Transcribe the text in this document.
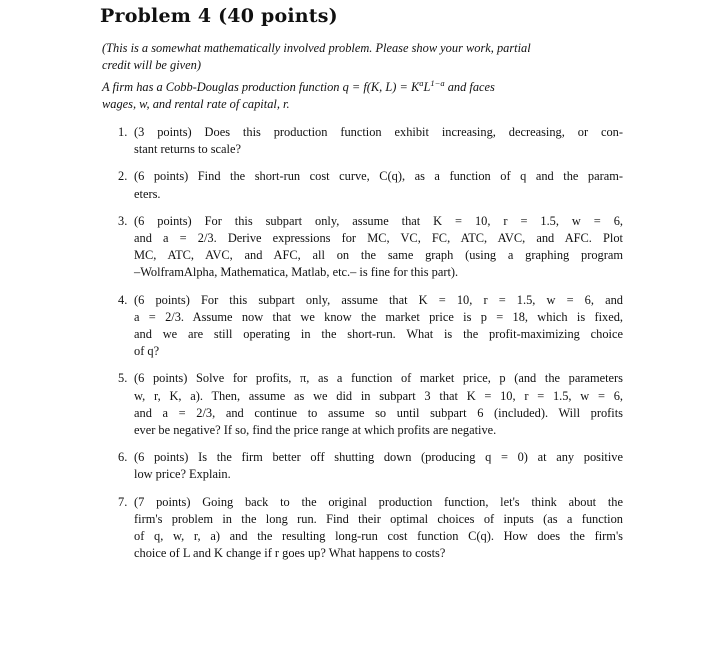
Problem 4 (40 points)
(This is a somewhat mathematically involved problem. Please show your work, partial
credit will be given)
A firm has a Cobb-Douglas production function q = f(K, $L) = K^aL^{1-a}$ and faces
wages, w, and rental rate of capital, r.
1. (3 points) Does this production function exhibit increasing, decreasing, or con-
stant returns to scale?
2. (6 points) Find the short-run cost curve, C(q), as a function of q and the param-
eters.
3. (6 points) For this subpart only, assume that K = 10, r = 1.5, w = 6,
and a = 2/3. Derive expressions for MC, VC, FC, ATC, AVC, and AFC. Plot
MC, ATC, AVC, and AFC, all on the same graph (using a graphing program
–WolframAlpha, Mathematica, Matlab, etc.– is fine for this part).
4. (6 points) For this subpart only, assume that K = 10, r = 1.5, w = 6, and
a = 2/3. Assume now that we know the market price is p = 18, which is fixed,
and we are still operating in the short-run. What is the profit-maximizing choice
of q?
5. (6 points) Solve for profits, π, as a function of market price, p (and the parameters
w, r, K, a). Then, assume as we did in subpart 3 that K = 10, r = 1.5, w = 6,
and a = 2/3, and continue to assume so until subpart 6 (included). Will profits
ever be negative? If so, find the price range at which profits are negative.
6. (6 points) Is the firm better off shutting down (producing q = 0) at any positive
low price? Explain.
7. (7 points) Going back to the original production function, let's think about the
firm's problem in the long run. Find their optimal choices of inputs (as a function
of q, w, r, a) and the resulting long-run cost function C(q). How does the firm's
choice of L and K change if r goes up? What happens to costs?
